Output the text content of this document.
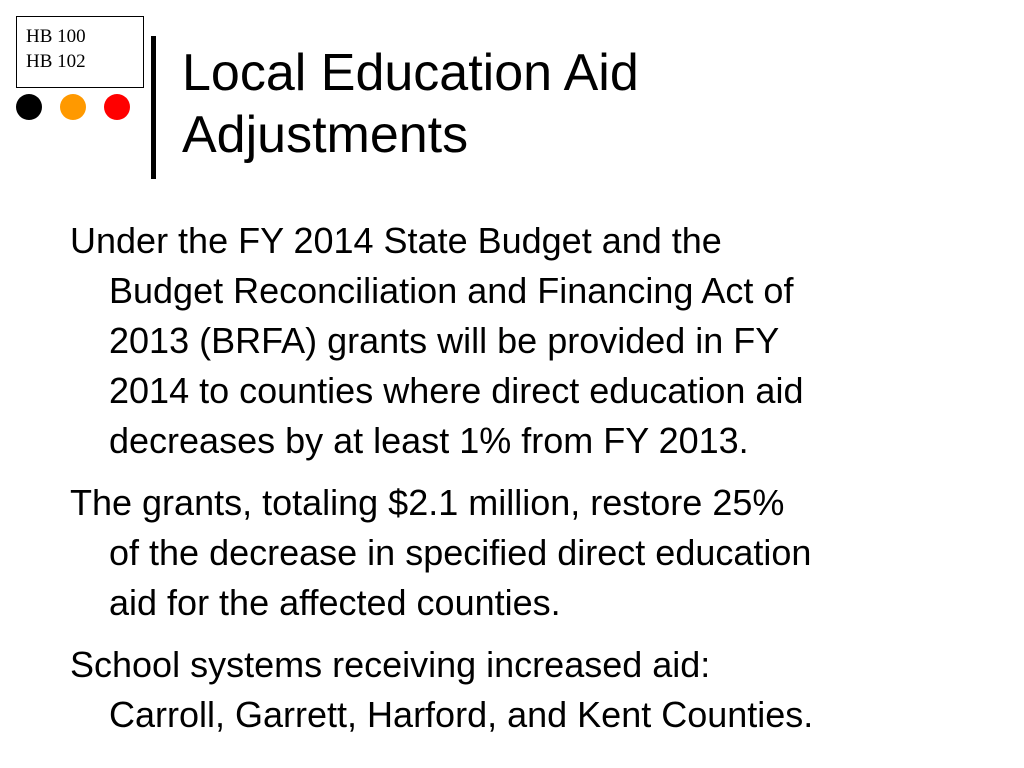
HB 100
HB 102	Local Education Aid
Adjustments
Under the FY 2014 State Budget and the
Budget Reconciliation and Financing Act of
2013 (BRFA) grants will be provided in FY
2014 to counties where direct education aid
decreases by at least 1% from FY 2013.
The grants, totaling $2.1 million, restore 25%
of the decrease in specified direct education
aid for the affected counties.
School systems receiving increased aid:
Carroll, Garrett, Harford, and Kent Counties.
